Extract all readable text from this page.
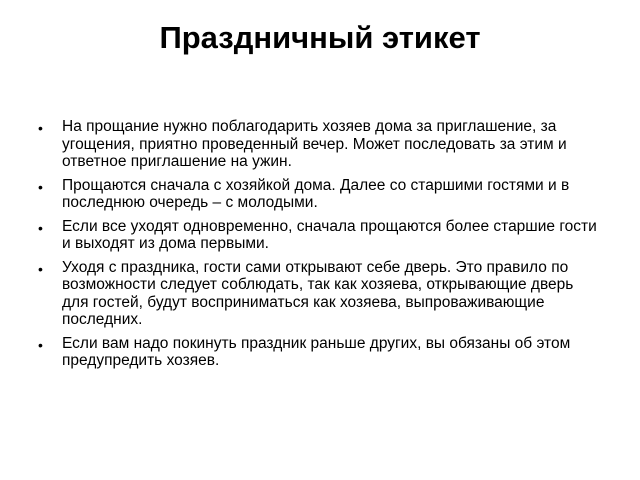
Праздничный этикет
• На прощание нужно поблагодарить хозяев дома за приглашение, за угощения, приятно проведенный вечер. Может последовать за этим и ответное приглашение на ужин.
• Прощаются сначала с хозяйкой дома. Далее со старшими гостями и в последнюю очередь – с молодыми.
• Если все уходят одновременно, сначала прощаются более старшие гости и выходят из дома первыми.
• Уходя с праздника, гости сами открывают себе дверь. Это правило по возможности следует соблюдать, так как хозяева, открывающие дверь для гостей, будут восприниматься как хозяева, выпроваживающие последних.
• Если вам надо покинуть праздник раньше других, вы обязаны об этом предупредить хозяев.
